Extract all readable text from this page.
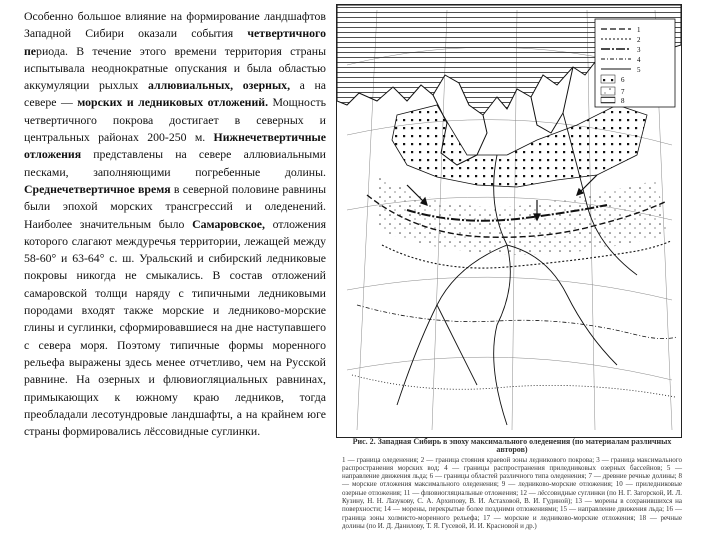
Особенно большое влияние на формирование ландшафтов Западной Сибири оказали события четвертичного периода. В течение этого времени территория страны испытывала неоднократные опускания и была областью аккумуляции рыхлых аллювиальных, озерных, а на севере — морских и ледниковых отложений. Мощность четвертичного покрова достигает в северных и центральных районах 200-250 м. Нижнечетвертичные отложения представлены на севере аллювиальными песками, заполняющими погребенные долины. Среднечетвертичное время в северной половине равнины были эпохой морских трансгрессий и оледенений. Наиболее значительным было Самаровское, отложения которого слагают междуречья территории, лежащей между 58-60° и 63-64° с. ш. Уральский и сибирский ледниковые покровы никогда не смыкались. В состав отложений самаровской толщи наряду с типичными ледниковыми породами входят также морские и ледниково-морские глины и суглинки, сформировавшиеся на дне наступавшего с севера моря. Поэтому типичные формы моренного рельефа выражены здесь менее отчетливо, чем на Русской равнине. На озерных и флювиогляциальных равнинах, примыкающих к южному краю ледников, тогда преобладали лесотундровые ландшафты, а на крайнем юге страны формировались лёссовидные суглинки.

1
2
3
4
5
6
7
8
Рис. 2. Западная Сибирь в эпоху максимального оледенения (по материалам различных авторов)
1 — граница оледенения; 2 — граница стояния краевой зоны ледникового покрова; 3 — граница максимального распространения морских вод; 4 — границы распространения приледниковых озерных бассейнов; 5 — направление движения льда; 6 — границы областей различного типа оледенения; 7 — древние речные долины; 8 — морские отложения максимального оледенения; 9 — ледниково-морские отложения; 10 — приледниковые озерные отложения; 11 — флювиогляциальные отложения; 12 — лёссовидные суглинки (по Н. Г. Загорской, И. Л. Кузину, Н. Н. Лазукову, С. А. Архипову, В. И. Астаховой, В. И. Гудиной); 13 — морены в сохранившихся на поверхности; 14 — морены, перекрытые более поздними отложениями; 15 — направление движения льда; 16 — граница зоны холмисто-моренного рельефа; 17 — морские и ледниково-морские отложения; 18 — речные долины (по И. Д. Данилову, Т. Я. Гусевой, И. И. Красновой и др.)
